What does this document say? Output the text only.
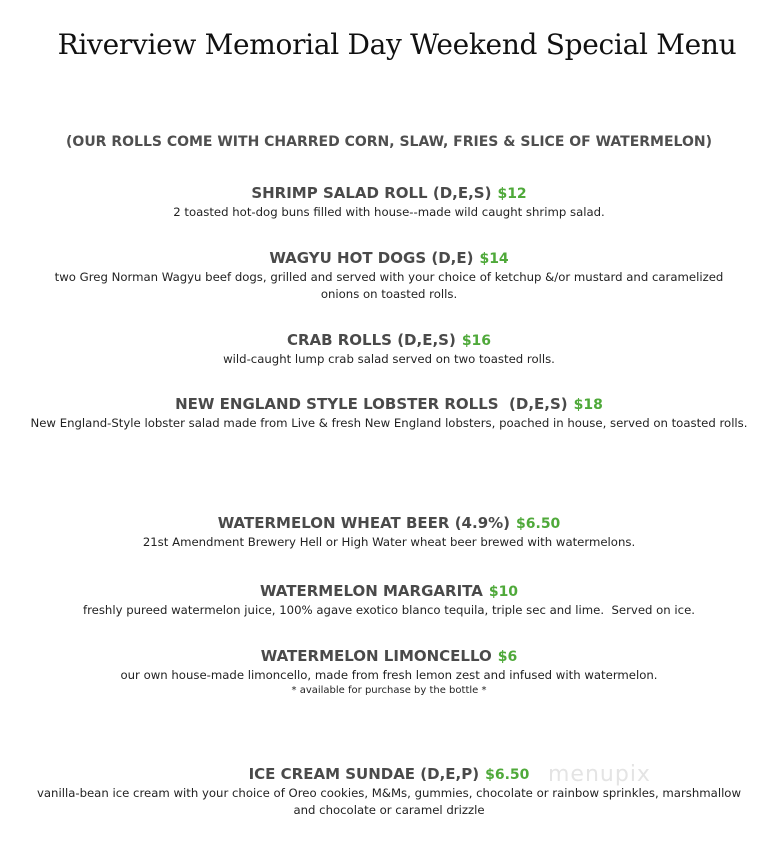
Riverview Memorial Day Weekend Special Menu
(OUR ROLLS COME WITH CHARRED CORN, SLAW, FRIES & SLICE OF WATERMELON)
SHRIMP SALAD ROLL (D,E,S) $12
2 toasted hot-dog buns filled with house--made wild caught shrimp salad.
WAGYU HOT DOGS (D,E) $14
two Greg Norman Wagyu beef dogs, grilled and served with your choice of ketchup &/or mustard and caramelized onions on toasted rolls.
CRAB ROLLS (D,E,S) $16
wild-caught lump crab salad served on two toasted rolls.
NEW ENGLAND STYLE LOBSTER ROLLS  (D,E,S) $18
New England-Style lobster salad made from Live & fresh New England lobsters, poached in house, served on toasted rolls.
WATERMELON WHEAT BEER (4.9%) $6.50
21st Amendment Brewery Hell or High Water wheat beer brewed with watermelons.
WATERMELON MARGARITA $10
freshly pureed watermelon juice, 100% agave exotico blanco tequila, triple sec and lime.  Served on ice.
WATERMELON LIMONCELLO $6
our own house-made limoncello, made from fresh lemon zest and infused with watermelon.
* available for purchase by the bottle *
menupix
ICE CREAM SUNDAE (D,E,P) $6.50
vanilla-bean ice cream with your choice of Oreo cookies, M&Ms, gummies, chocolate or rainbow sprinkles, marshmallow and chocolate or caramel drizzle
